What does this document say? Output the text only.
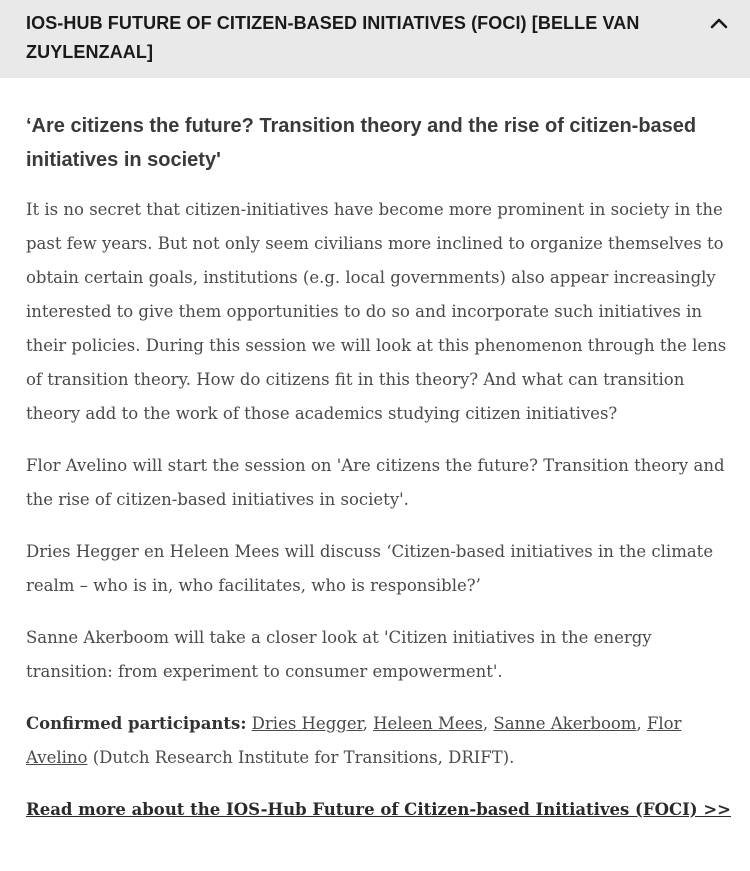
IOS-HUB FUTURE OF CITIZEN-BASED INITIATIVES (FOCI) [BELLE VAN ZUYLENZAAL]
‘Are citizens the future? Transition theory and the rise of citizen-based initiatives in society'

It is no secret that citizen-initiatives have become more prominent in society in the past few years. But not only seem civilians more inclined to organize themselves to obtain certain goals, institutions (e.g. local governments) also appear increasingly interested to give them opportunities to do so and incorporate such initiatives in their policies. During this session we will look at this phenomenon through the lens of transition theory. How do citizens fit in this theory? And what can transition theory add to the work of those academics studying citizen initiatives?

Flor Avelino will start the session on 'Are citizens the future? Transition theory and the rise of citizen-based initiatives in society'.

Dries Hegger en Heleen Mees will discuss ‘Citizen-based initiatives in the climate realm – who is in, who facilitates, who is responsible?’

Sanne Akerboom will take a closer look at 'Citizen initiatives in the energy transition: from experiment to consumer empowerment'.

Confirmed participants: Dries Hegger, Heleen Mees, Sanne Akerboom, Flor Avelino (Dutch Research Institute for Transitions, DRIFT).

Read more about the IOS-Hub Future of Citizen-based Initiatives (FOCI) >>
